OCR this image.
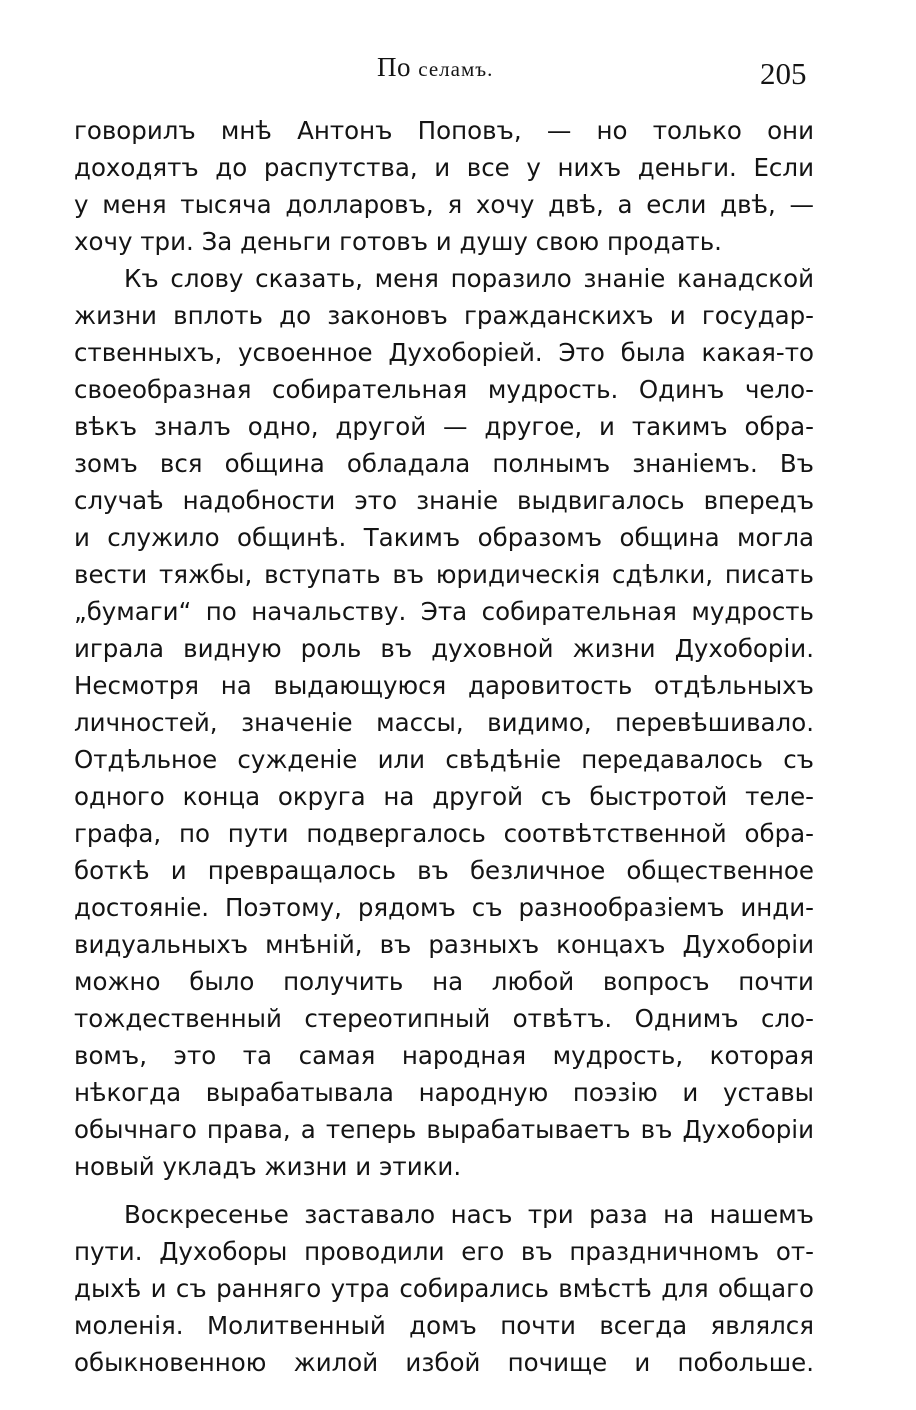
По селамъ.	205
говорилъ мнѣ Антонъ Поповъ, — но только они
доходятъ до распутства, и все у нихъ деньги. Если
у меня тысяча долларовъ, я хочу двѣ, а если двѣ, —
хочу три. За деньги готовъ и душу свою продать.
Къ слову сказать, меня поразило знаніе канадской
жизни вплоть до законовъ гражданскихъ и государ-
ственныхъ, усвоенное Духоборіей. Это была какая-то
своеобразная собирательная мудрость. Одинъ чело-
вѣкъ зналъ одно, другой — другое, и такимъ обра-
зомъ вся община обладала полнымъ знаніемъ. Въ
случаѣ надобности это знаніе выдвигалось впередъ
и служило общинѣ. Такимъ образомъ община могла
вести тяжбы, вступать въ юридическія сдѣлки, писать
„бумаги“ по начальству. Эта собирательная мудрость
играла видную роль въ духовной жизни Духоборіи.
Несмотря на выдающуюся даровитость отдѣльныхъ
личностей, значеніе массы, видимо, перевѣшивало.
Отдѣльное сужденіе или свѣдѣніе передавалось съ
одного конца округа на другой съ быстротой теле-
графа, по пути подвергалось соотвѣтственной обра-
боткѣ и превращалось въ безличное общественное
достояніе. Поэтому, рядомъ съ разнообразіемъ инди-
видуальныхъ мнѣній, въ разныхъ концахъ Духоборіи
можно было получить на любой вопросъ почти
тождественный стереотипный отвѣтъ. Однимъ сло-
вомъ, это та самая народная мудрость, которая
нѣкогда вырабатывала народную поэзію и уставы
обычнаго права, а теперь вырабатываетъ въ Духоборіи
новый укладъ жизни и этики.
Воскресенье заставало насъ три раза на нашемъ
пути. Духоборы проводили его въ праздничномъ от-
дыхѣ и съ ранняго утра собирались вмѣстѣ для общаго
моленія. Молитвенный домъ почти всегда являлся
обыкновенною жилой избой почище и побольше.
